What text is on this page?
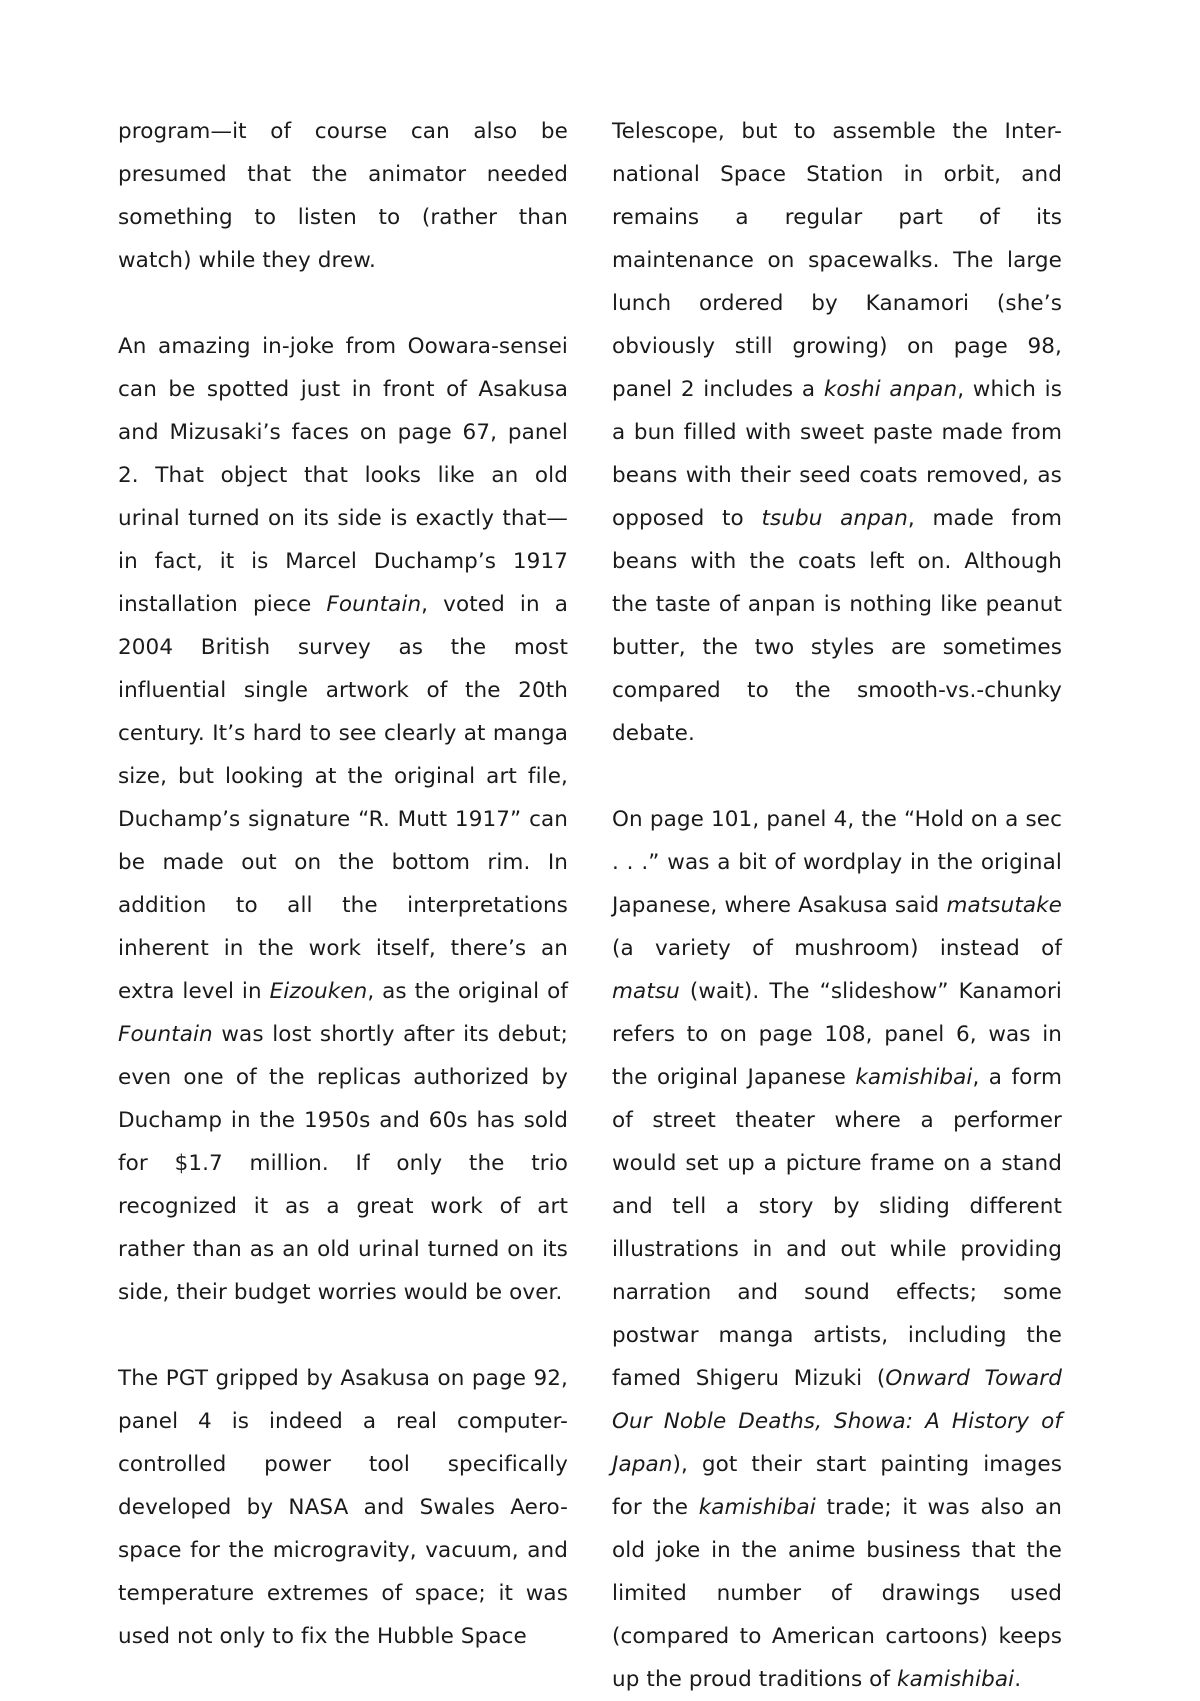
program—it of course can also be presumed that the animator needed something to listen to (rather than watch) while they drew.

An amazing in-joke from Oowara-sensei can be spotted just in front of Asakusa and Mizusaki’s faces on page 67, panel 2. That object that looks like an old urinal turned on its side is exactly that—in fact, it is Marcel Duchamp’s 1917 installation piece Fountain, voted in a 2004 British survey as the most influential single artwork of the 20th century. It’s hard to see clearly at manga size, but looking at the original art file, Duchamp’s signature “R. Mutt 1917” can be made out on the bottom rim. In addition to all the interpretations inherent in the work itself, there’s an extra level in Eizouken, as the original of Fountain was lost shortly after its debut; even one of the replicas authorized by Duchamp in the 1950s and 60s has sold for $1.7 million. If only the trio recognized it as a great work of art rather than as an old urinal turned on its side, their budget worries would be over.

The PGT gripped by Asakusa on page 92, panel 4 is indeed a real computer-controlled power tool specifically developed by NASA and Swales Aero-space for the microgravity, vacuum, and temperature extremes of space; it was used not only to fix the Hubble Space

Telescope, but to assemble the Inter-national Space Station in orbit, and remains a regular part of its maintenance on spacewalks. The large lunch ordered by Kanamori (she’s obviously still growing) on page 98, panel 2 includes a koshi anpan, which is a bun filled with sweet paste made from beans with their seed coats removed, as opposed to tsubu anpan, made from beans with the coats left on. Although the taste of anpan is nothing like peanut butter, the two styles are sometimes compared to the smooth-vs.-chunky debate.

On page 101, panel 4, the “Hold on a sec . . .” was a bit of wordplay in the original Japanese, where Asakusa said matsutake (a variety of mushroom) instead of matsu (wait). The “slideshow” Kanamori refers to on page 108, panel 6, was in the original Japanese kamishibai, a form of street theater where a performer would set up a picture frame on a stand and tell a story by sliding different illustrations in and out while providing narration and sound effects; some postwar manga artists, including the famed Shigeru Mizuki (Onward Toward Our Noble Deaths, Showa: A History of Japan), got their start painting images for the kamishibai trade; it was also an old joke in the anime business that the limited number of drawings used (compared to American cartoons) keeps up the proud traditions of kamishibai.
